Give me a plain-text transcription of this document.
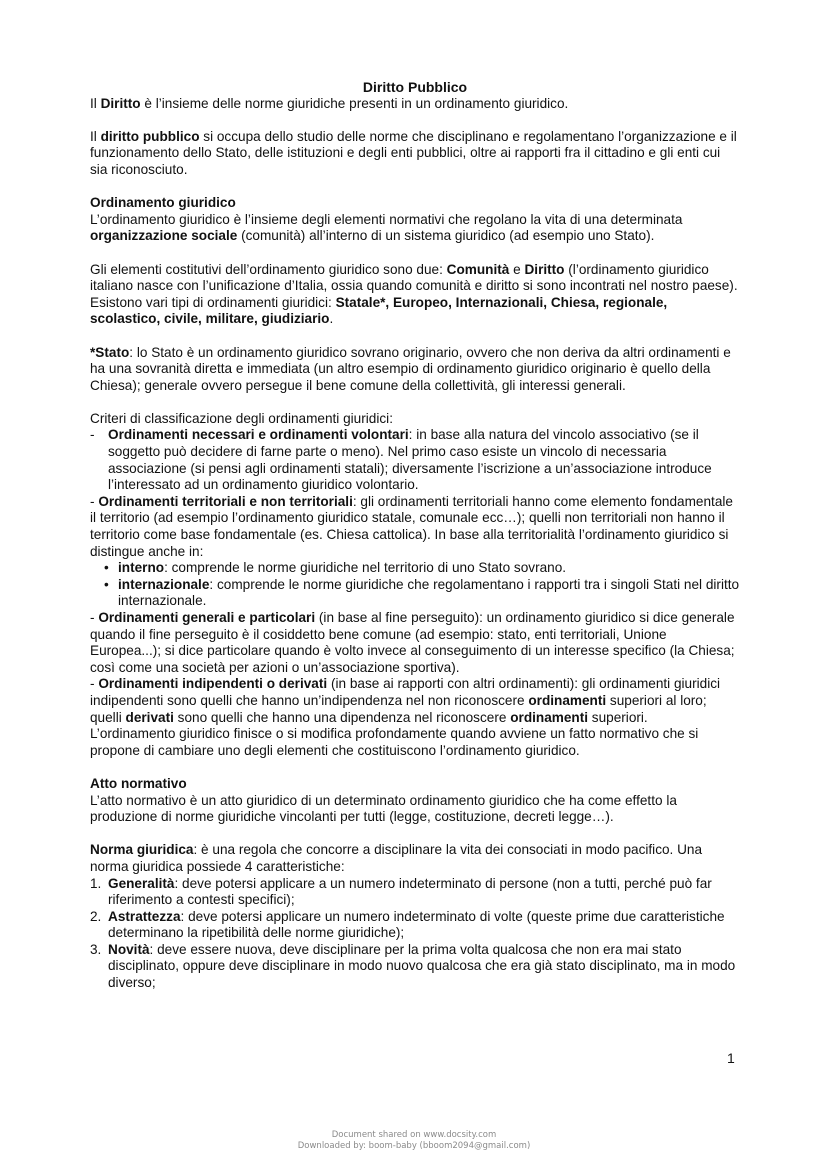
Diritto Pubblico

Il Diritto è l’insieme delle norme giuridiche presenti in un ordinamento giuridico.

Il diritto pubblico si occupa dello studio delle norme che disciplinano e regolamentano l’organizzazione e il funzionamento dello Stato, delle istituzioni e degli enti pubblici, oltre ai rapporti fra il cittadino e gli enti cui sia riconosciuto.

Ordinamento giuridico

L’ordinamento giuridico è l’insieme degli elementi normativi che regolano la vita di una determinata organizzazione sociale (comunità) all’interno di un sistema giuridico (ad esempio uno Stato).

Gli elementi costitutivi dell’ordinamento giuridico sono due: Comunità e Diritto (l’ordinamento giuridico italiano nasce con l’unificazione d’Italia, ossia quando comunità e diritto si sono incontrati nel nostro paese). Esistono vari tipi di ordinamenti giuridici: Statale*, Europeo, Internazionali, Chiesa, regionale, scolastico, civile, militare, giudiziario.

*Stato: lo Stato è un ordinamento giuridico sovrano originario, ovvero che non deriva da altri ordinamenti e ha una sovranità diretta e immediata (un altro esempio di ordinamento giuridico originario è quello della Chiesa); generale ovvero persegue il bene comune della collettività, gli interessi generali.

Criteri di classificazione degli ordinamenti giuridici:

- Ordinamenti necessari e ordinamenti volontari: in base alla natura del vincolo associativo (se il soggetto può decidere di farne parte o meno). Nel primo caso esiste un vincolo di necessaria associazione (si pensi agli ordinamenti statali); diversamente l’iscrizione a un’associazione introduce l’interessato ad un ordinamento giuridico volontario.

- Ordinamenti territoriali e non territoriali: gli ordinamenti territoriali hanno come elemento fondamentale il territorio (ad esempio l’ordinamento giuridico statale, comunale ecc…); quelli non territoriali non hanno il territorio come base fondamentale (es. Chiesa cattolica). In base alla territorialità l’ordinamento giuridico si distingue anche in:

• interno: comprende le norme giuridiche nel territorio di uno Stato sovrano.
• internazionale: comprende le norme giuridiche che regolamentano i rapporti tra i singoli Stati nel diritto internazionale.

- Ordinamenti generali e particolari (in base al fine perseguito): un ordinamento giuridico si dice generale quando il fine perseguito è il cosiddetto bene comune (ad esempio: stato, enti territoriali, Unione Europea...); si dice particolare quando è volto invece al conseguimento di un interesse specifico (la Chiesa; così come una società per azioni o un’associazione sportiva).

- Ordinamenti indipendenti o derivati (in base ai rapporti con altri ordinamenti): gli ordinamenti giuridici indipendenti sono quelli che hanno un’indipendenza nel non riconoscere ordinamenti superiori al loro; quelli derivati sono quelli che hanno una dipendenza nel riconoscere ordinamenti superiori.

L’ordinamento giuridico finisce o si modifica profondamente quando avviene un fatto normativo che si propone di cambiare uno degli elementi che costituiscono l’ordinamento giuridico.

Atto normativo

L’atto normativo è un atto giuridico di un determinato ordinamento giuridico che ha come effetto la produzione di norme giuridiche vincolanti per tutti (legge, costituzione, decreti legge…).

Norma giuridica: è una regola che concorre a disciplinare la vita dei consociati in modo pacifico. Una norma giuridica possiede 4 caratteristiche:

1. Generalità: deve potersi applicare a un numero indeterminato di persone (non a tutti, perché può far riferimento a contesti specifici);
2. Astrattezza: deve potersi applicare un numero indeterminato di volte (queste prime due caratteristiche determinano la ripetibilità delle norme giuridiche);
3. Novità: deve essere nuova, deve disciplinare per la prima volta qualcosa che non era mai stato disciplinato, oppure deve disciplinare in modo nuovo qualcosa che era già stato disciplinato, ma in modo diverso;
1
Document shared on www.docsity.com
Downloaded by: boom-baby (bboom2094@gmail.com)
